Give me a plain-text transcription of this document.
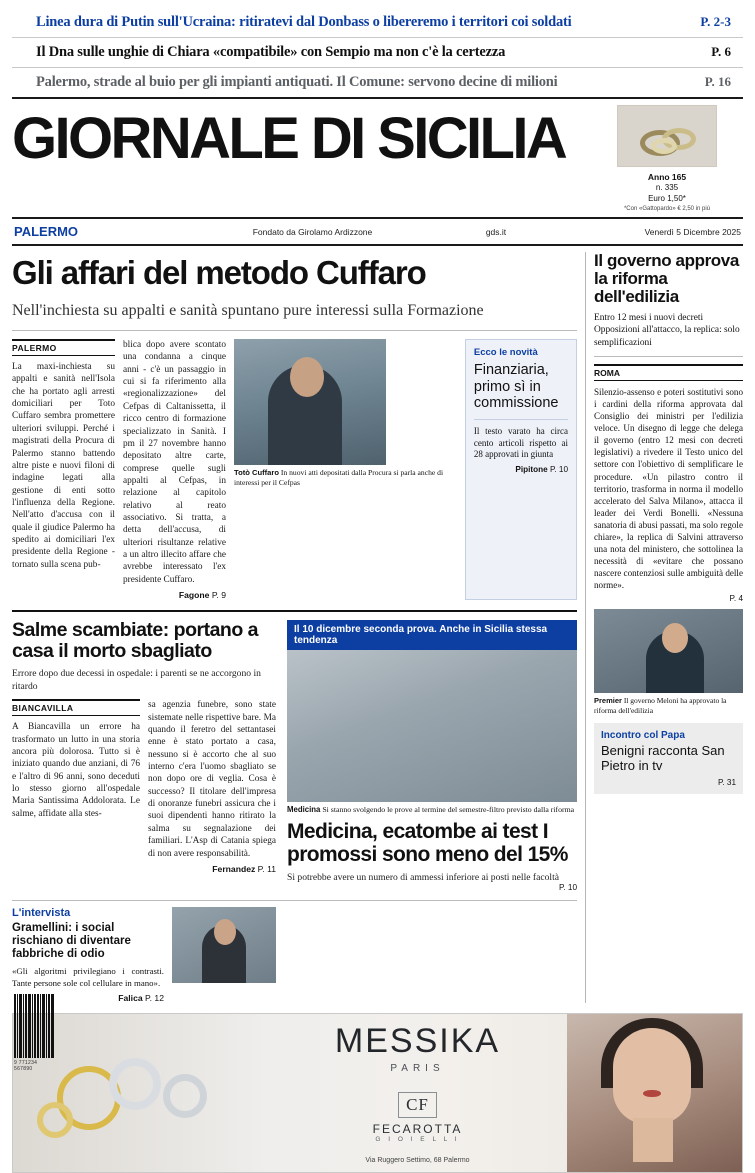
Linea dura di Putin sull'Ucraina: ritiratevi dal Donbass o libereremo i territori coi soldati	P. 2-3
Il Dna sulle unghie di Chiara «compatibile» con Sempio ma non c'è la certezza	P. 6
Palermo, strade al buio per gli impianti antiquati. Il Comune: servono decine di milioni	P. 16
GIORNALE DI SICILIA
Anno 165
n. 335
Euro 1,50*
*Con «Gattopardo» € 2,50 in più
PALERMO	Fondato da Girolamo Ardizzone	gds.it	Venerdì 5 Dicembre 2025
Gli affari del metodo Cuffaro
Nell'inchiesta su appalti e sanità spuntano pure interessi sulla Formazione
PALERMO
La maxi-inchiesta su appalti e sanità nell'Isola che ha portato agli arresti domiciliari per Toto Cuffaro sembra promettere ulteriori sviluppi. Perché i magistrati della Procura di Palermo stanno battendo altre piste e nuovi filoni di indagine legati alla gestione di enti sotto l'influenza della Regione. Nell'atto d'accusa con il quale il giudice Palermo ha spedito ai domiciliari l'ex presidente della Regione - tornato sulla scena pub-
blica dopo avere scontato una condanna a cinque anni - c'è un passaggio in cui si fa riferimento alla «regionalizzazione» del Cefpas di Caltanissetta, il ricco centro di formazione specializzato in Sanità. I pm il 27 novembre hanno depositato altre carte, comprese quelle sugli appalti al Cefpas, in relazione al capitolo relativo al reato associativo. Si tratta, a detta dell'accusa, di ulteriori risultanze relative a un altro illecito affare che avrebbe interessato l'ex presidente Cuffaro.
Fagone P. 9
Totò Cuffaro In nuovi atti depositati dalla Procura si parla anche di interessi per il Cefpas
Ecco le novità
Finanziaria, primo sì in commissione
Il testo varato ha circa cento articoli rispetto ai 28 approvati in giunta
Pipitone P. 10
Salme scambiate: portano a casa il morto sbagliato
Errore dopo due decessi in ospedale: i parenti se ne accorgono in ritardo
BIANCAVILLA
A Biancavilla un errore ha trasformato un lutto in una storia ancora più dolorosa. Tutto si è iniziato quando due anziani, di 76 e l'altro di 96 anni, sono deceduti lo stesso giorno all'ospedale Maria Santissima Addolorata. Le salme, affidate alla stes-
sa agenzia funebre, sono state sistemate nelle rispettive bare. Ma quando il feretro del settantasei enne è stato portato a casa, nessuno si è accorto che al suo interno c'era l'uomo sbagliato se non dopo ore di veglia. Cosa è successo? Il titolare dell'impresa di onoranze funebri assicura che i suoi dipendenti hanno ritirato la salma su segnalazione dei familiari. L'Asp di Catania spiega di non avere responsabilità.
Fernandez P. 11
Il 10 dicembre seconda prova. Anche in Sicilia stessa tendenza
Medicina Si stanno svolgendo le prove al termine del semestre-filtro previsto dalla riforma
Medicina, ecatombe ai test I promossi sono meno del 15%
Si potrebbe avere un numero di ammessi inferiore ai posti nelle facoltà
P. 10
L'intervista
Gramellini: i social rischiano di diventare fabbriche di odio
«Gli algoritmi privilegiano i contrasti. Tante persone sole col cellulare in mano».
Falica P. 12
Il governo approva la riforma dell'edilizia
Entro 12 mesi i nuovi decreti Opposizioni all'attacco, la replica: solo semplificazioni
ROMA
Silenzio-assenso e poteri sostitutivi sono i cardini della riforma approvata dal Consiglio dei ministri per l'edilizia veloce. Un disegno di legge che delega il governo (entro 12 mesi con decreti legislativi) a rivedere il Testo unico del settore con l'obiettivo di semplificare le procedure. «Un pilastro contro il territorio, trasforma in norma il modello accelerato del Salva Milano», attacca il leader dei Verdi Bonelli. «Nessuna sanatoria di abusi passati, ma solo regole chiare», la replica di Salvini attraverso una nota del ministero, che sottolinea la necessità di «evitare che possano nascere contenziosi sulle ambiguità delle norme».
P. 4
Premier Il governo Meloni ha approvato la riforma dell'edilizia
Incontro col Papa
Benigni racconta San Pietro in tv
P. 31
MESSIKA
PARIS
CF
FECAROTTA
G I O I E L L I
Via Ruggero Settimo, 68 Palermo
9 771234 567890
